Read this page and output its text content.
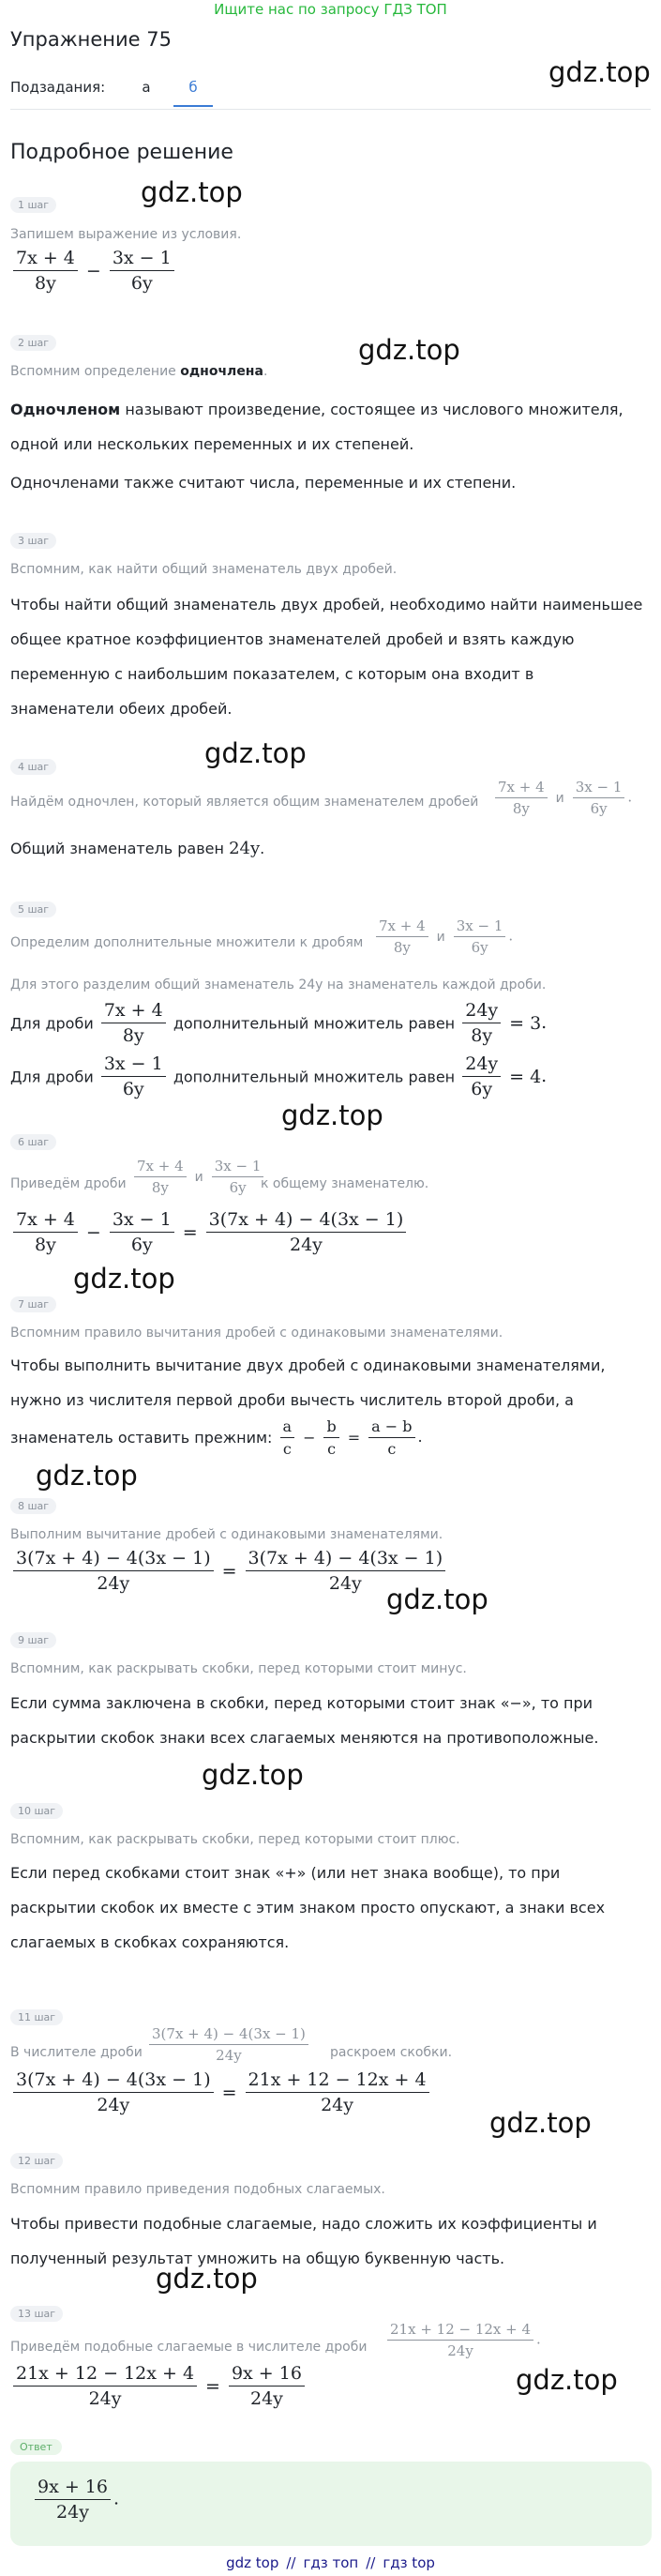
Ищите нас по запросу ГДЗ ТОП
Упражнение 75
gdz.top
Подзадания:	а	б
Подробное решение
1 шаг	gdz.top
Запишем выражение из условия.
$\frac{7x + 4}{8y} - \frac{3x - 1}{6y}$
2 шаг
Вспомним определение одночлена.
gdz.top
Одночленом называют произведение, состоящее из числового множителя,
одной или нескольких переменных и их степеней.
Одночленами также считают числа, переменные и их степени.
3 шаг
Вспомним, как найти общий знаменатель двух дробей.
Чтобы найти общий знаменатель двух дробей, необходимо найти наименьшее
общее кратное коэффициентов знаменателей дробей и взять каждую
переменную с наибольшим показателем, с которым она входит в
знаменатели обеих дробей.
gdz.top
4 шаг
Найдём одночлен, который является общим знаменателем дробей $\frac{7x + 4}{8y}$ и $\frac{3x - 1}{6y}$ .
Общий знаменатель равен 24y.
5 шаг
Определим дополнительные множители к дробям $\frac{7x + 4}{8y}$ и $\frac{3x - 1}{6y}$ .
Для этого разделим общий знаменатель 24y на знаменатель каждой дроби.
Для дроби $\frac{7x + 4}{8y}$ дополнительный множитель равен $\frac{24y}{8y} = 3$.
Для дроби $\frac{3x - 1}{6y}$ дополнительный множитель равен $\frac{24y}{6y} = 4$.
gdz.top
6 шаг
Приведём дроби $\frac{7x + 4}{8y}$ и $\frac{3x - 1}{6y}$
к общему знаменателю.
$\frac{7x + 4}{8y} - \frac{3x - 1}{6y} = \frac{3(7x + 4) - 4(3x - 1)}{24y}$
gdz.top
7 шаг
Вспомним правило вычитания дробей с одинаковыми знаменателями.
Чтобы выполнить вычитание двух дробей с одинаковыми знаменателями,
нужно из числителя первой дроби вычесть числитель второй дроби, а
знаменатель оставить прежним: $\frac{a}{c} - \frac{b}{c} = \frac{a - b}{c}$ .
gdz.top
8 шаг
Выполним вычитание дробей с одинаковыми знаменателями.
$\frac{3(7x + 4) - 4(3x - 1)}{24y} = \frac{3(7x + 4) - 4(3x - 1)}{24y}$
gdz.top
9 шаг
Вспомним, как раскрывать скобки, перед которыми стоит минус.
Если сумма заключена в скобки, перед которыми стоит знак «−», то при
раскрытии скобок знаки всех слагаемых меняются на противоположные.
gdz.top
10 шаг
Вспомним, как раскрывать скобки, перед которыми стоит плюс.
Если перед скобками стоит знак «+» (или нет знака вообще), то при
раскрытии скобок их вместе с этим знаком просто опускают, а знаки всех
слагаемых в скобках сохраняются.
11 шаг
В числителе дроби $\frac{3(7x + 4) - 4(3x - 1)}{24y}$ раскроем скобки.
$\frac{3(7x + 4) - 4(3x - 1)}{24y} = \frac{21x + 12 - 12x + 4}{24y}$
gdz.top
12 шаг
Вспомним правило приведения подобных слагаемых.
Чтобы привести подобные слагаемые, надо сложить их коэффициенты и
полученный результат умножить на общую буквенную часть.
gdz.top
13 шаг
Приведём подобные слагаемые в числителе дроби $\frac{21x + 12 - 12x + 4}{24y}$ .
$\frac{21x + 12 - 12x + 4}{24y} = \frac{9x + 16}{24y}$	gdz.top
Ответ
$\frac{9x + 16}{24y}$ .
gdz top // гдз топ // гдз top
